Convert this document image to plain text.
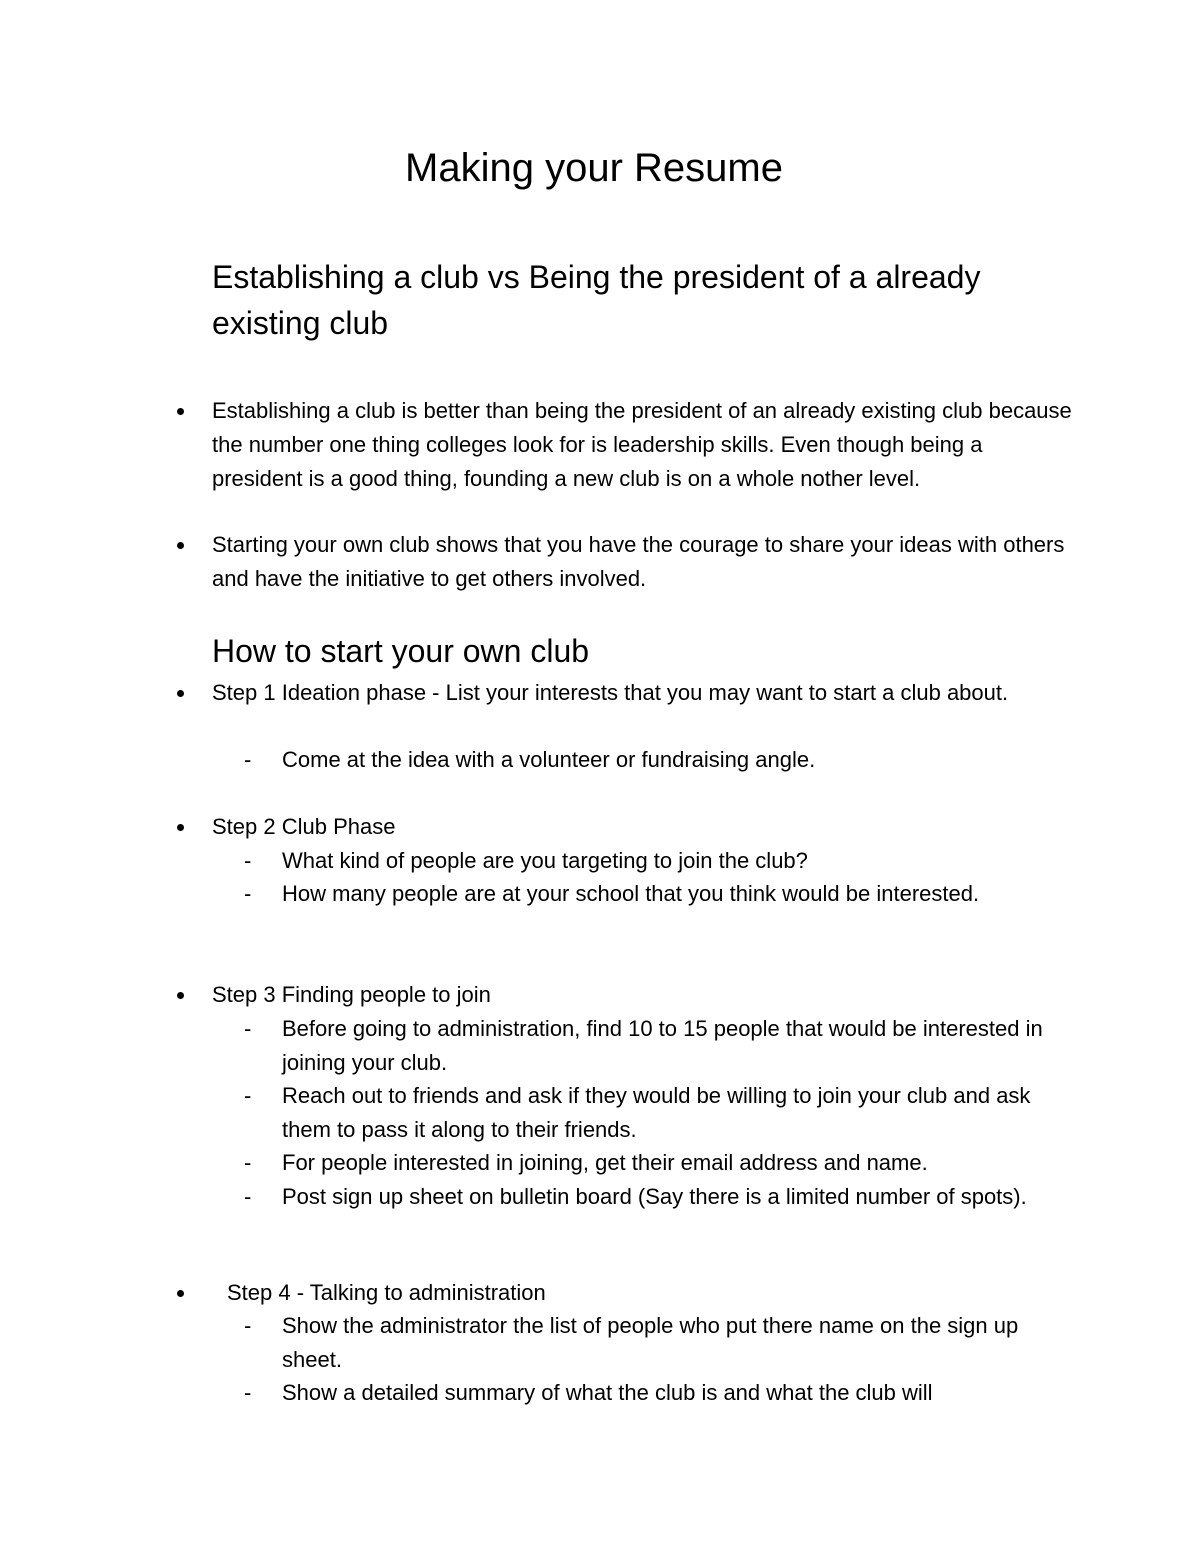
Making your Resume
Establishing a club vs Being the president of a already existing club
Establishing a club is better than being the president of an already existing club because the number one thing colleges look for is leadership skills. Even though being a president is a good thing, founding a new club is on a whole nother level.
Starting your own club shows that you have the courage to share your ideas with others and have the initiative to get others involved.
How to start your own club
Step 1 Ideation phase - List your interests that you may want to start a club about.
- Come at the idea with a volunteer or fundraising angle.
Step 2 Club Phase
- What kind of people are you targeting to join the club?
- How many people are at your school that you think would be interested.
Step 3 Finding people to join
- Before going to administration, find 10 to 15 people that would be interested in joining your club.
- Reach out to friends and ask if they would be willing to join your club and ask them to pass it along to their friends.
- For people interested in joining, get their email address and name.
- Post sign up sheet on bulletin board (Say there is a limited number of spots).
Step 4 - Talking to administration
- Show the administrator the list of people who put there name on the sign up sheet.
- Show a detailed summary of what the club is and what the club will
